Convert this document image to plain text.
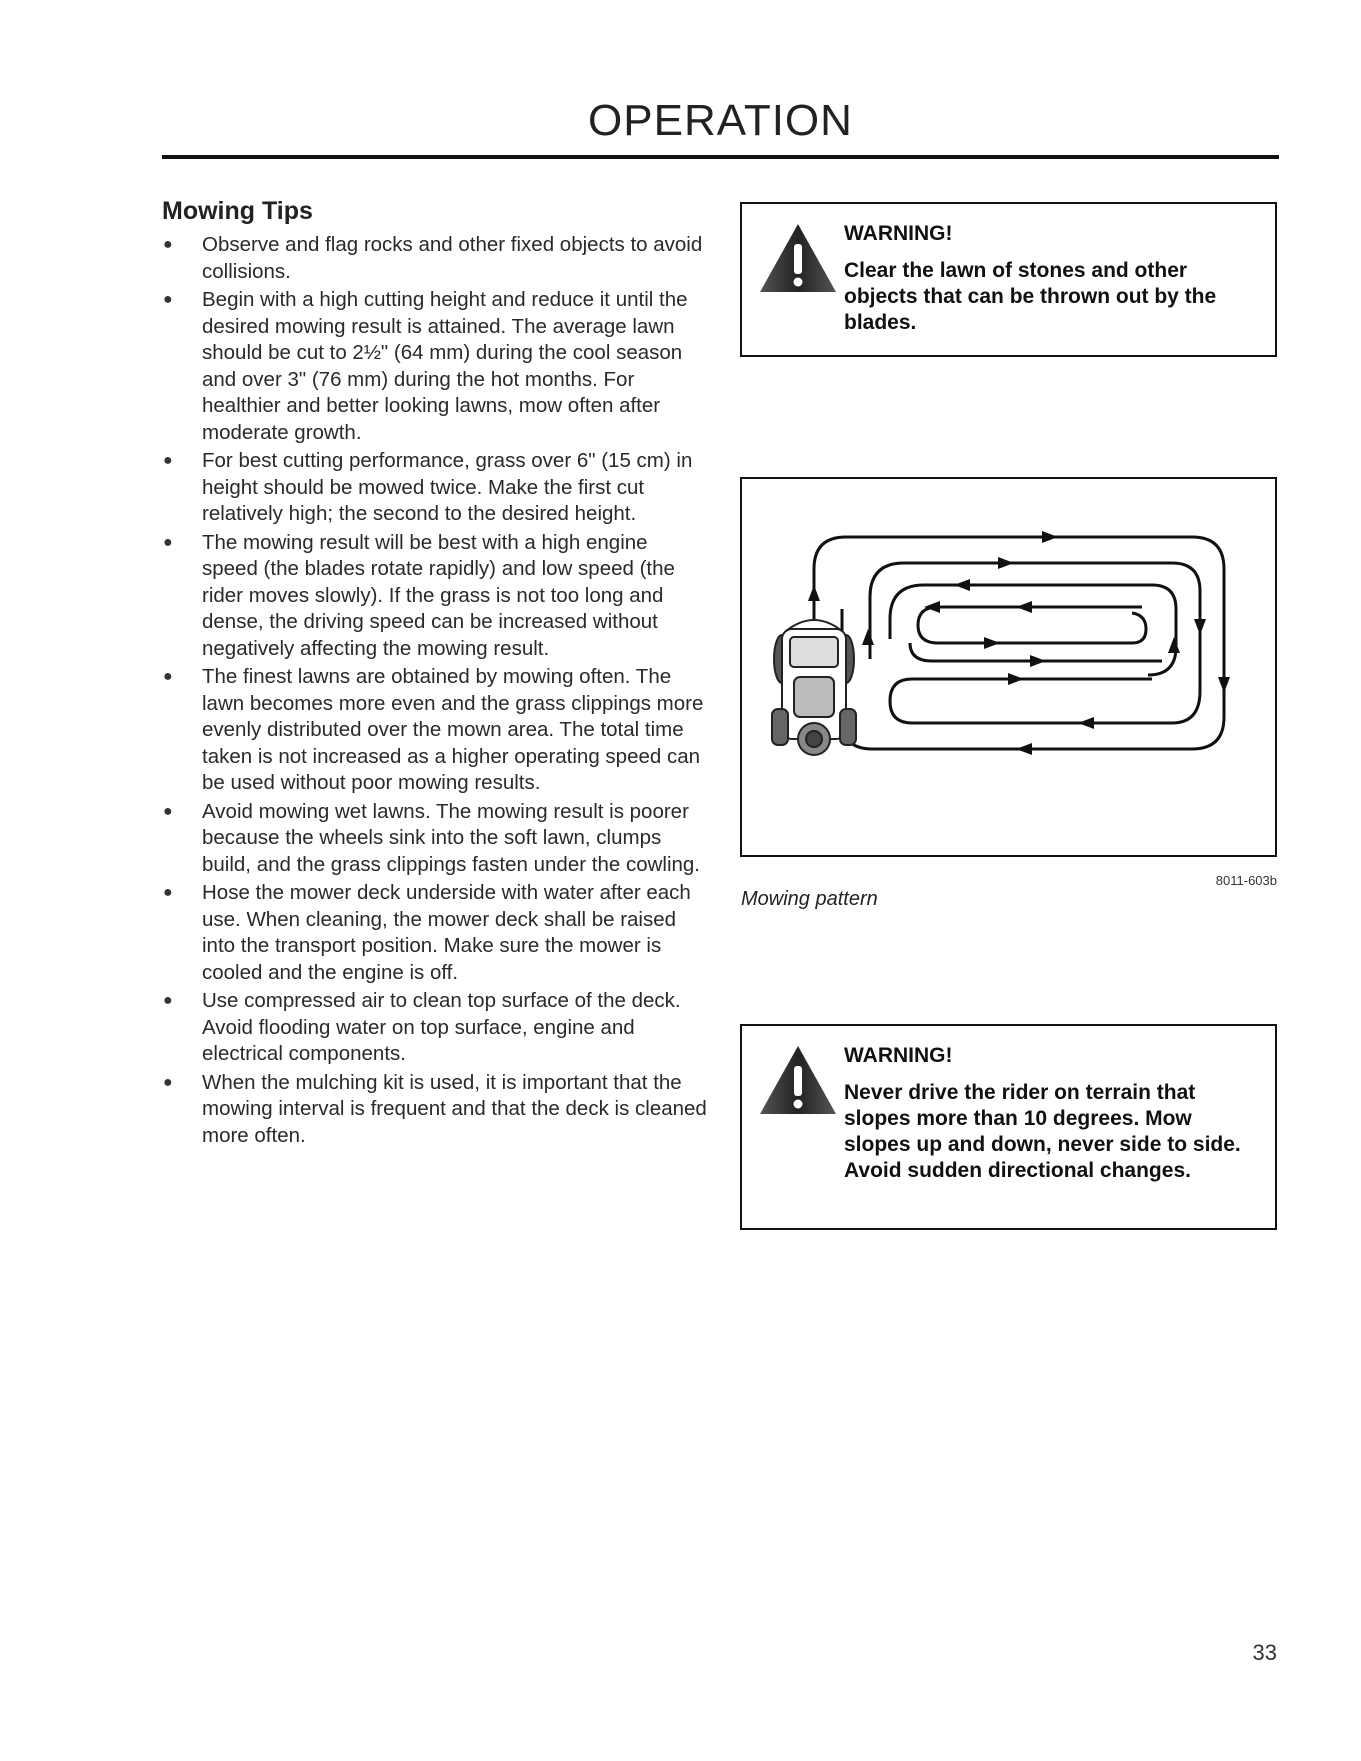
OPERATION
Mowing Tips
● Observe and flag rocks and other fixed objects to avoid collisions.
● Begin with a high cutting height and reduce it until the desired mowing result is attained. The average lawn should be cut to 2½" (64 mm) during the cool season and over 3" (76 mm) during the hot months. For healthier and better looking lawns, mow often after moderate growth.
● For best cutting performance, grass over 6" (15 cm) in height should be mowed twice. Make the first cut relatively high; the second to the desired height.
● The mowing result will be best with a high engine speed (the blades rotate rapidly) and low speed (the rider moves slowly). If the grass is not too long and dense, the driving speed can be increased without negatively affecting the mowing result.
● The finest lawns are obtained by mowing often. The lawn becomes more even and the grass clippings more evenly distributed over the mown area. The total time taken is not increased as a higher operating speed can be used without poor mowing results.
● Avoid mowing wet lawns. The mowing result is poorer because the wheels sink into the soft lawn, clumps build, and the grass clippings fasten under the cowling.
● Hose the mower deck underside with water after each use. When cleaning, the mower deck shall be raised into the transport position. Make sure the mower is cooled and the engine is off.
● Use compressed air to clean top surface of the deck. Avoid flooding water on top surface, engine and electrical components.
● When the mulching kit is used, it is important that the mowing interval is frequent and that the deck is cleaned more often.
WARNING!
Clear the lawn of stones and other objects that can be thrown out by the blades.
8011-603b
Mowing pattern
WARNING!
Never drive the rider on terrain that slopes more than 10 degrees. Mow slopes up and down, never side to side. Avoid sudden directional changes.
33
